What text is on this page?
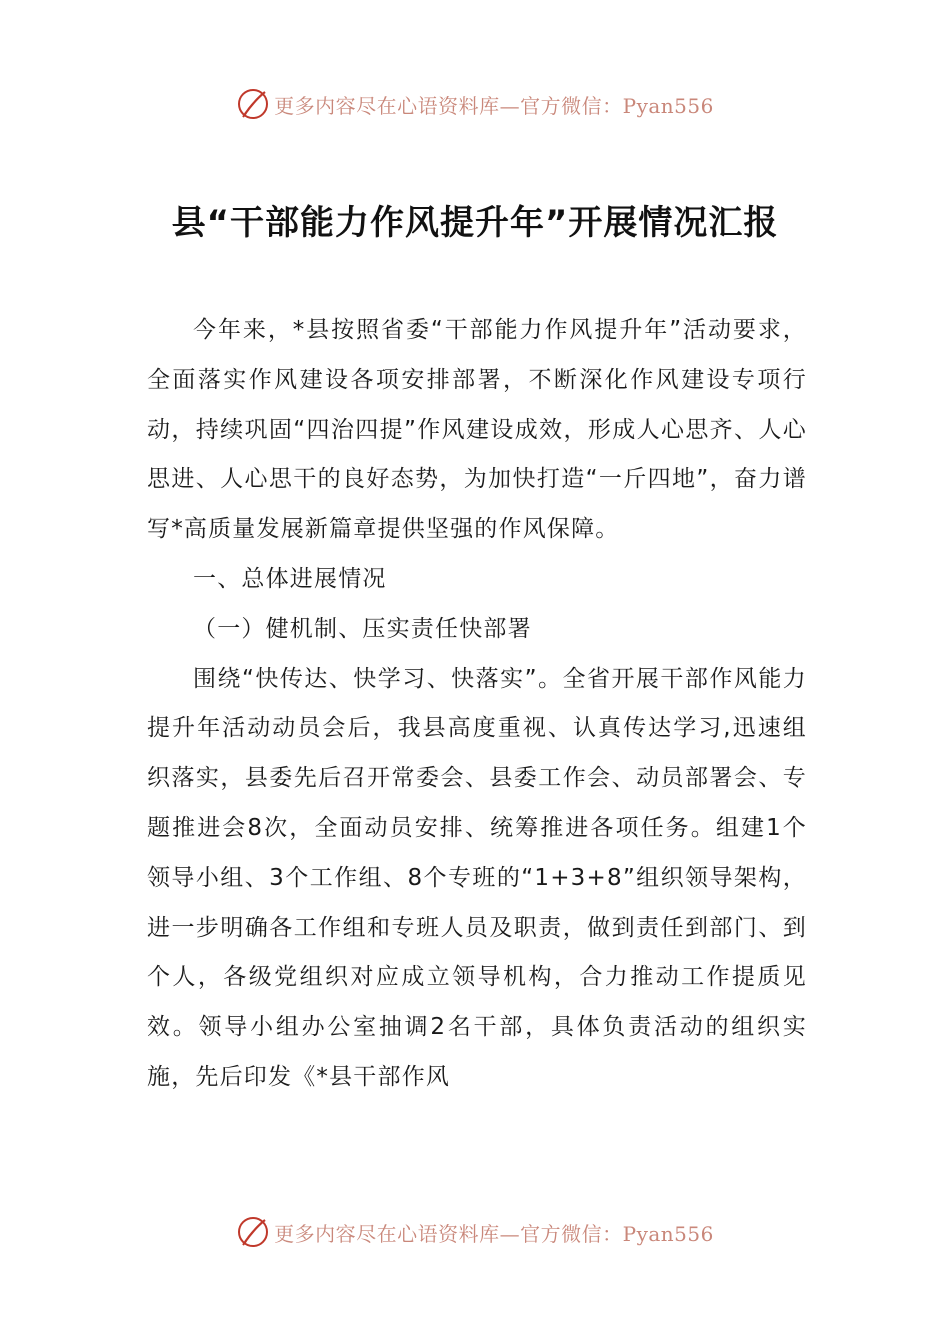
更多内容尽在心语资料库—官方微信：Pyan556
县“干部能力作风提升年”开展情况汇报

今年来，*县按照省委“干部能力作风提升年”活动要求，全面落实作风建设各项安排部署，不断深化作风建设专项行动，持续巩固“四治四提”作风建设成效，形成人心思齐、人心思进、人心思干的良好态势，为加快打造“一斤四地”，奋力谱写*高质量发展新篇章提供坚强的作风保障。

一、总体进展情况

（一）健机制、压实责任快部署

围绕“快传达、快学习、快落实”。全省开展干部作风能力提升年活动动员会后，我县高度重视、认真传达学习,迅速组织落实，县委先后召开常委会、县委工作会、动员部署会、专题推进会8次，全面动员安排、统筹推进各项任务。组建1个领导小组、3个工作组、8个专班的“1+3+8”组织领导架构，进一步明确各工作组和专班人员及职责，做到责任到部门、到个人，各级党组织对应成立领导机构，合力推动工作提质见效。领导小组办公室抽调2名干部，具体负责活动的组织实施，先后印发《*县干部作风

更多内容尽在心语资料库—官方微信：Pyan556
